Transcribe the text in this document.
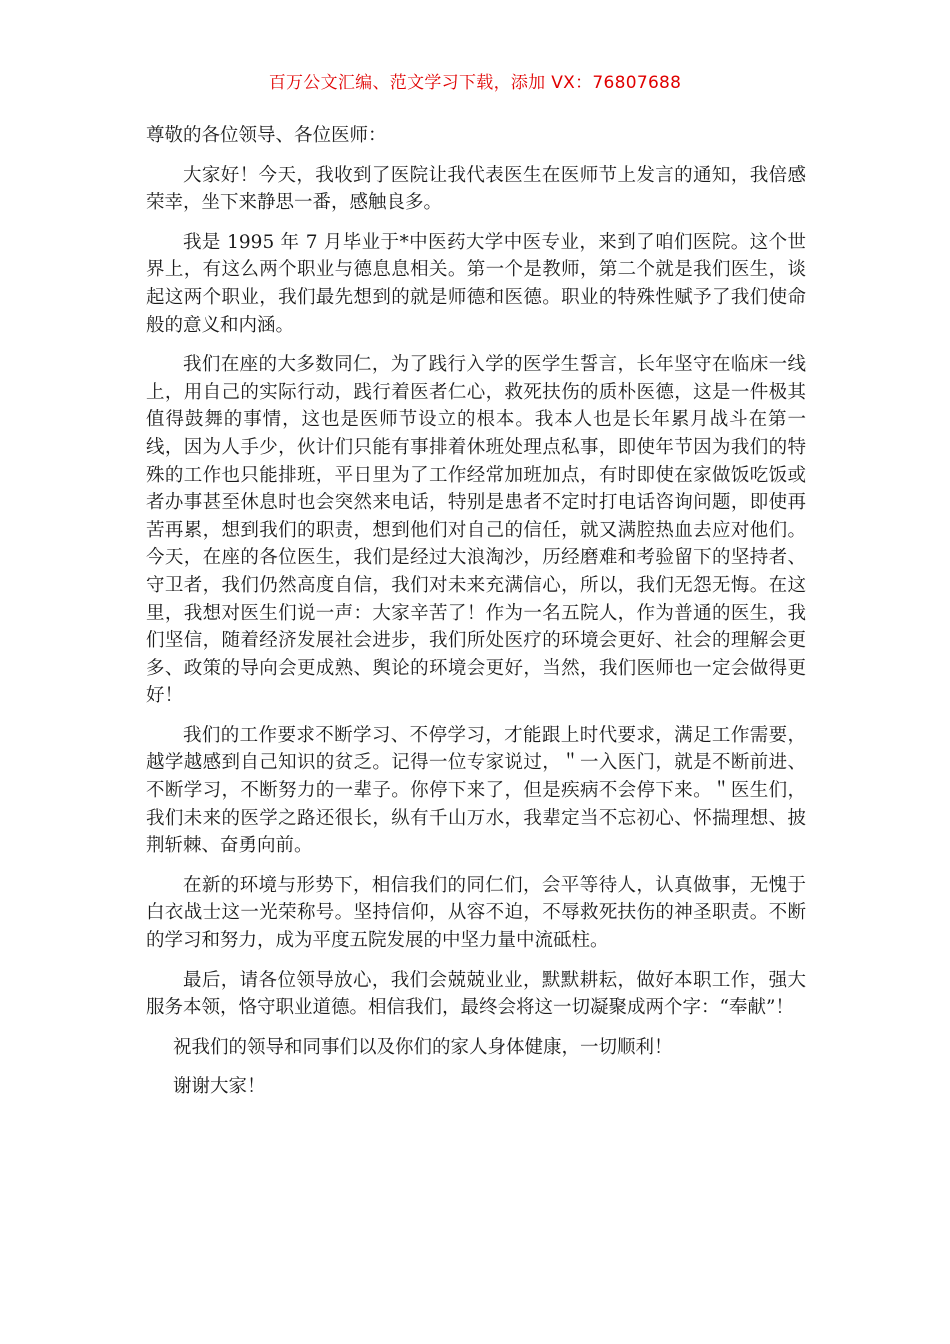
百万公文汇编、范文学习下载，添加 VX：76807688

尊敬的各位领导、各位医师：

大家好！今天，我收到了医院让我代表医生在医师节上发言的通知，我倍感荣幸，坐下来静思一番，感触良多。

我是 1995 年 7 月毕业于*中医药大学中医专业，来到了咱们医院。这个世界上，有这么两个职业与德息息相关。第一个是教师，第二个就是我们医生，谈起这两个职业，我们最先想到的就是师德和医德。职业的特殊性赋予了我们使命般的意义和内涵。

我们在座的大多数同仁，为了践行入学的医学生誓言，长年坚守在临床一线上，用自己的实际行动，践行着医者仁心，救死扶伤的质朴医德，这是一件极其值得鼓舞的事情，这也是医师节设立的根本。我本人也是长年累月战斗在第一线，因为人手少，伙计们只能有事排着休班处理点私事，即使年节因为我们的特殊的工作也只能排班，平日里为了工作经常加班加点，有时即使在家做饭吃饭或者办事甚至休息时也会突然来电话，特别是患者不定时打电话咨询问题，即使再苦再累，想到我们的职责，想到他们对自己的信任，就又满腔热血去应对他们。今天，在座的各位医生，我们是经过大浪淘沙，历经磨难和考验留下的坚持者、守卫者，我们仍然高度自信，我们对未来充满信心，所以，我们无怨无悔。在这里，我想对医生们说一声：大家辛苦了！作为一名五院人，作为普通的医生，我们坚信，随着经济发展社会进步，我们所处医疗的环境会更好、社会的理解会更多、政策的导向会更成熟、舆论的环境会更好，当然，我们医师也一定会做得更好！

我们的工作要求不断学习、不停学习，才能跟上时代要求，满足工作需要，越学越感到自己知识的贫乏。记得一位专家说过，＂一入医门，就是不断前进、不断学习，不断努力的一辈子。你停下来了，但是疾病不会停下来。＂医生们，我们未来的医学之路还很长，纵有千山万水，我辈定当不忘初心、怀揣理想、披荆斩棘、奋勇向前。

在新的环境与形势下，相信我们的同仁们，会平等待人，认真做事，无愧于白衣战士这一光荣称号。坚持信仰，从容不迫，不辱救死扶伤的神圣职责。不断的学习和努力，成为平度五院发展的中坚力量中流砥柱。

最后，请各位领导放心，我们会兢兢业业，默默耕耘，做好本职工作，强大服务本领，恪守职业道德。相信我们，最终会将这一切凝聚成两个字：“奉献”！

祝我们的领导和同事们以及你们的家人身体健康，一切顺利！

谢谢大家！
